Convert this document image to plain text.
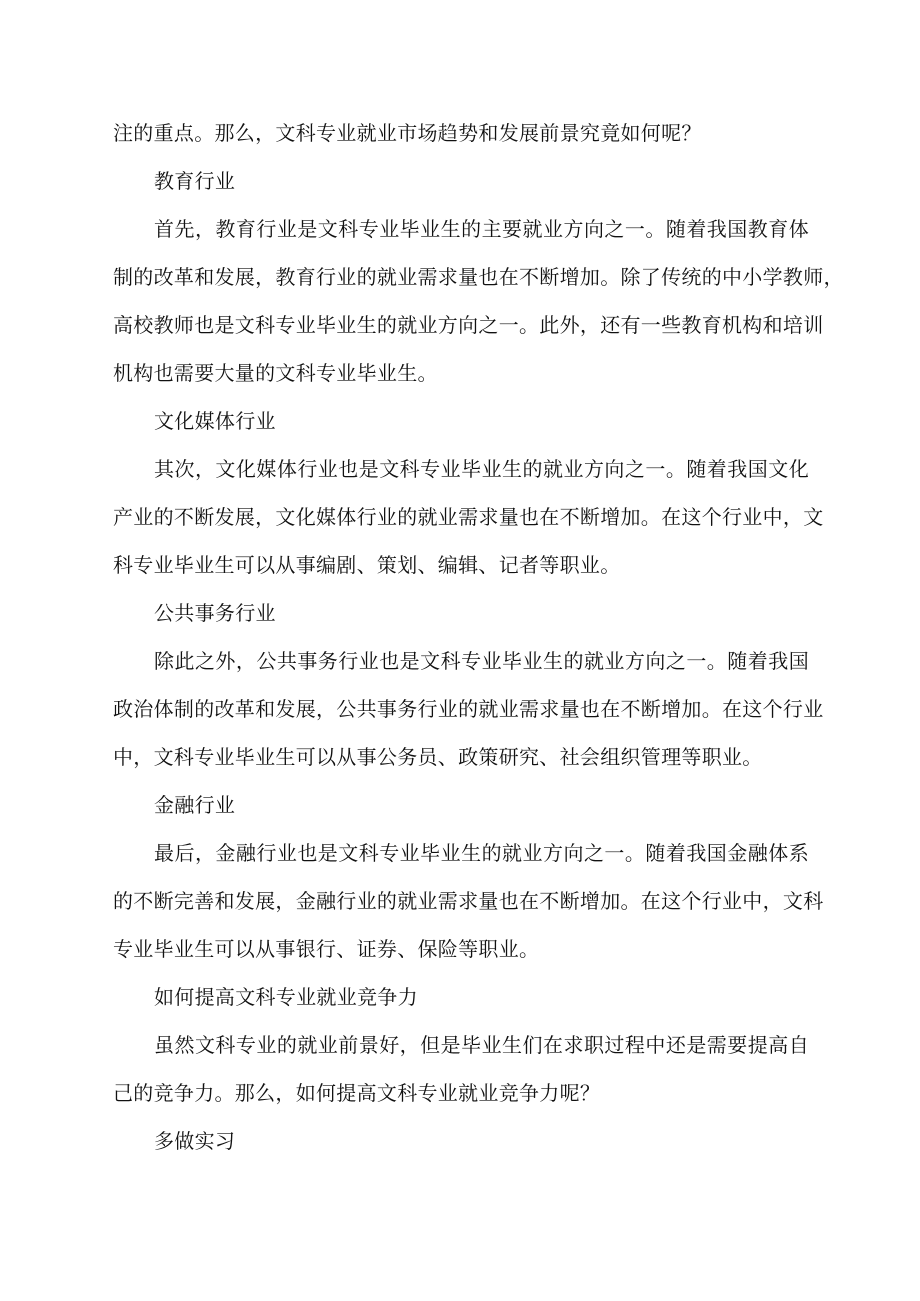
注的重点。那么，文科专业就业市场趋势和发展前景究竟如何呢？
教育行业
首先，教育行业是文科专业毕业生的主要就业方向之一。随着我国教育体
制的改革和发展，教育行业的就业需求量也在不断增加。除了传统的中小学教师，
高校教师也是文科专业毕业生的就业方向之一。此外，还有一些教育机构和培训
机构也需要大量的文科专业毕业生。
文化媒体行业
其次，文化媒体行业也是文科专业毕业生的就业方向之一。随着我国文化
产业的不断发展，文化媒体行业的就业需求量也在不断增加。在这个行业中，文
科专业毕业生可以从事编剧、策划、编辑、记者等职业。
公共事务行业
除此之外，公共事务行业也是文科专业毕业生的就业方向之一。随着我国
政治体制的改革和发展，公共事务行业的就业需求量也在不断增加。在这个行业
中，文科专业毕业生可以从事公务员、政策研究、社会组织管理等职业。
金融行业
最后，金融行业也是文科专业毕业生的就业方向之一。随着我国金融体系
的不断完善和发展，金融行业的就业需求量也在不断增加。在这个行业中，文科
专业毕业生可以从事银行、证券、保险等职业。
如何提高文科专业就业竞争力
虽然文科专业的就业前景好，但是毕业生们在求职过程中还是需要提高自
己的竞争力。那么，如何提高文科专业就业竞争力呢？
多做实习
